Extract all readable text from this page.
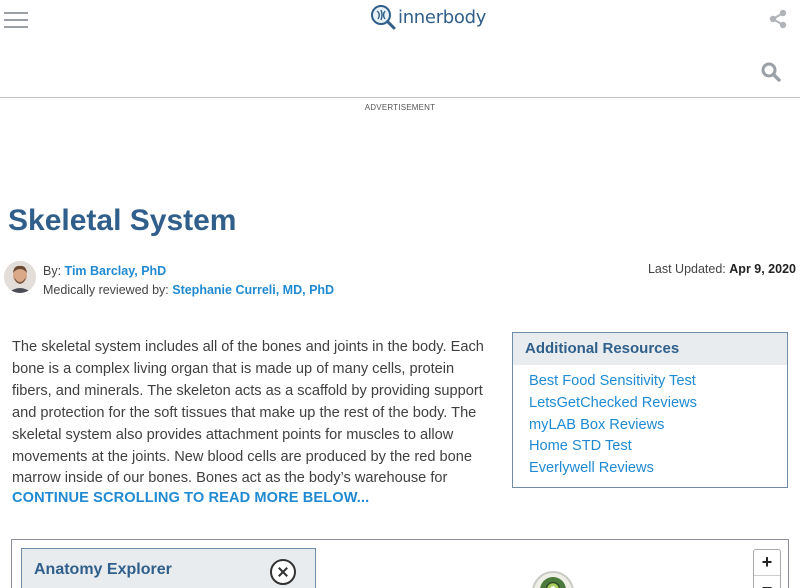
innerbody
ADVERTISEMENT
Skeletal System
By: Tim Barclay, PhD
Medically reviewed by: Stephanie Curreli, MD, PhD
Last Updated: Apr 9, 2020

The skeletal system includes all of the bones and joints in the body. Each bone is a complex living organ that is made up of many cells, protein fibers, and minerals. The skeleton acts as a scaffold by providing support and protection for the soft tissues that make up the rest of the body. The skeletal system also provides attachment points for muscles to allow movements at the joints. New blood cells are produced by the red bone marrow inside of our bones. Bones act as the body’s warehouse for

CONTINUE SCROLLING TO READ MORE BELOW...
Additional Resources
Best Food Sensitivity Test
LetsGetChecked Reviews
myLAB Box Reviews
Home STD Test
Everlywell Reviews
Anatomy Explorer	+
−
